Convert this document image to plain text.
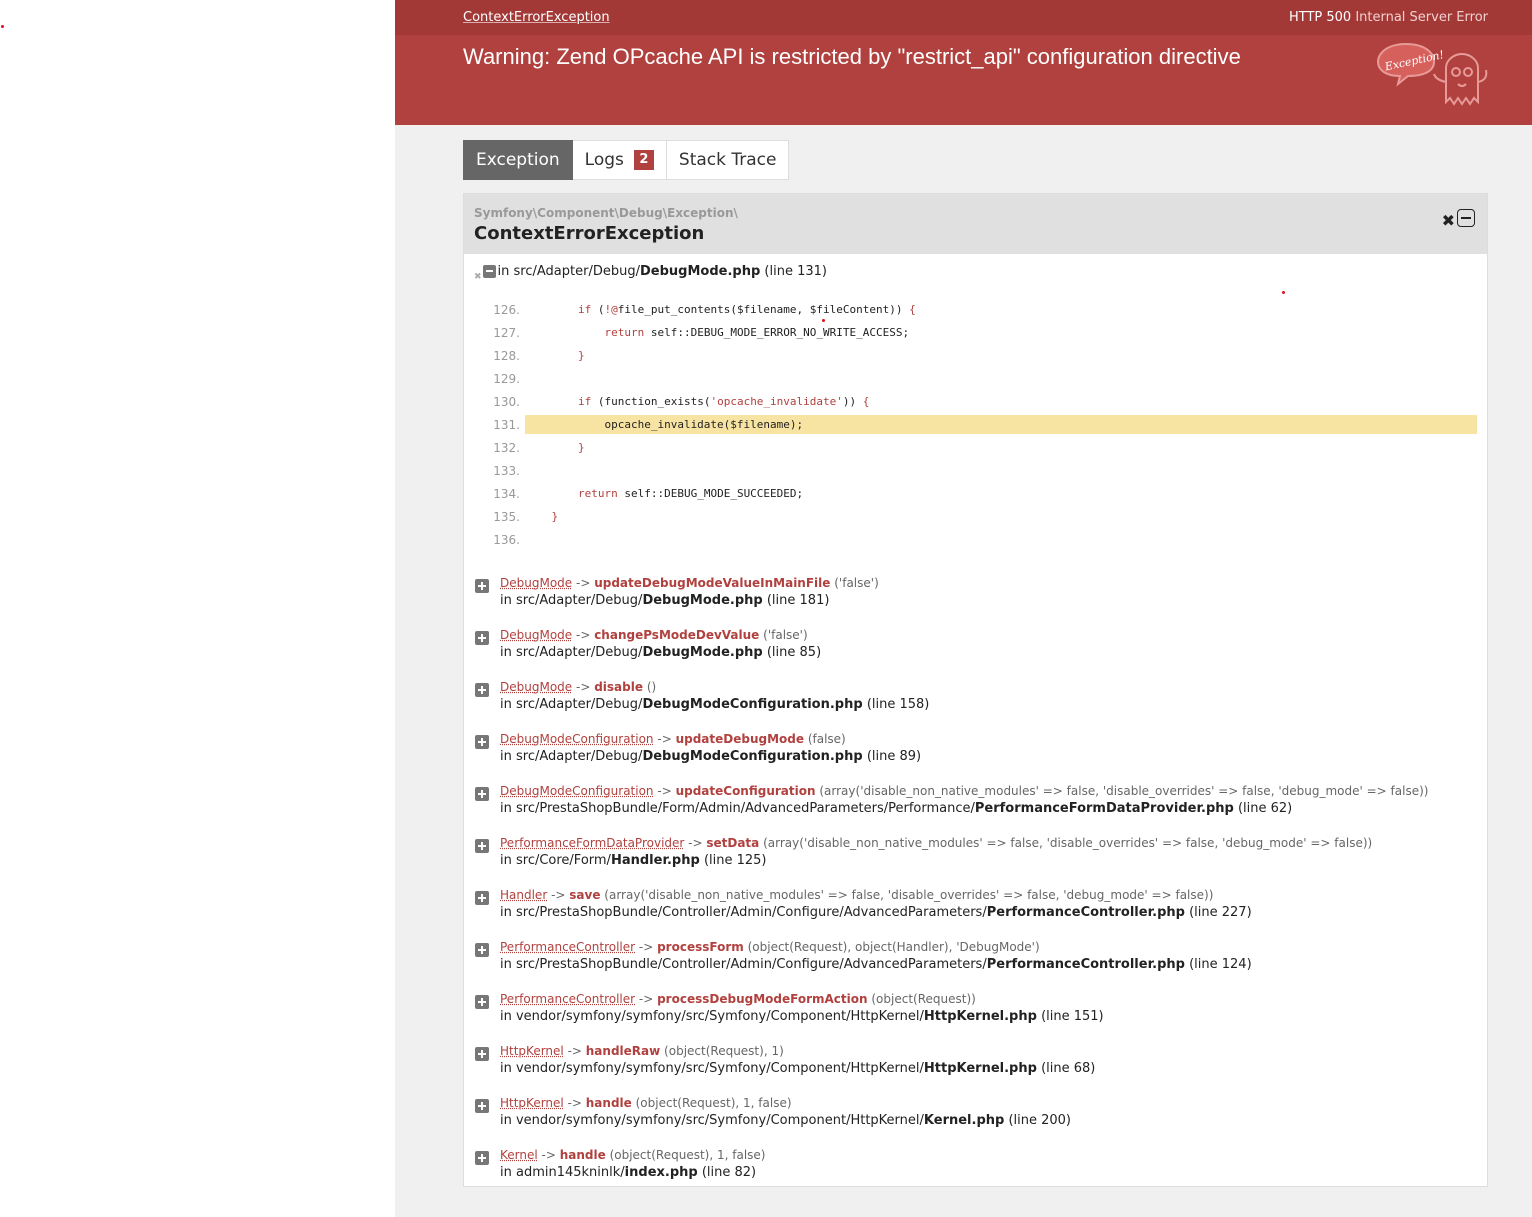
ContextErrorException	HTTP 500 Internal Server Error
Warning: Zend OPcache API is restricted by "restrict_api" configuration directive	Exception!
Exception Logs	2	Stack Trace
Symfony\Component\Debug\Exception\
ContextErrorException
✖
✖ in src/Adapter/Debug/ DebugMode.php
(line 131)
126.	if (!@file_put_contents($filename, $fileContent)) {
127.	return self::DEBUG_MODE_ERROR_NO_WRITE_ACCESS;
128.	}
129.
130.	if (function_exists('opcache_invalidate')) {
131. opcache_invalidate($filename);
132.	}
133.
134.	return self::DEBUG_MODE_SUCCEEDED;
135.	}
136.
DebugMode -> updateDebugModeValueInMainFile ('false')
in src/Adapter/Debug/DebugMode.php (line 181)
DebugMode -> changePsModeDevValue ('false')
in src/Adapter/Debug/DebugMode.php (line 85)
DebugMode -> disable ()
in src/Adapter/Debug/DebugModeConfiguration.php (line 158)
DebugModeConfiguration -> updateDebugMode (false)
in src/Adapter/Debug/DebugModeConfiguration.php (line 89)
DebugModeConfiguration -> updateConfiguration (array('disable_non_native_modules' => false, 'disable_overrides' => false, 'debug_mode' => false))
in src/PrestaShopBundle/Form/Admin/AdvancedParameters/Performance/PerformanceFormDataProvider.php (line 62)
PerformanceFormDataProvider -> setData (array('disable_non_native_modules' => false, 'disable_overrides' => false, 'debug_mode' => false))
in src/Core/Form/Handler.php (line 125)
Handler -> save (array('disable_non_native_modules' => false, 'disable_overrides' => false, 'debug_mode' => false))
in src/PrestaShopBundle/Controller/Admin/Configure/AdvancedParameters/PerformanceController.php (line 227)
PerformanceController -> processForm (object(Request), object(Handler), 'DebugMode')
in src/PrestaShopBundle/Controller/Admin/Configure/AdvancedParameters/PerformanceController.php (line 124)
PerformanceController -> processDebugModeFormAction (object(Request))
in vendor/symfony/symfony/src/Symfony/Component/HttpKernel/HttpKernel.php (line 151)
HttpKernel -> handleRaw (object(Request), 1)
in vendor/symfony/symfony/src/Symfony/Component/HttpKernel/HttpKernel.php (line 68)
HttpKernel -> handle (object(Request), 1, false)
in vendor/symfony/symfony/src/Symfony/Component/HttpKernel/Kernel.php (line 200)
Kernel -> handle (object(Request), 1, false)
in admin145kninlk/index.php (line 82)
